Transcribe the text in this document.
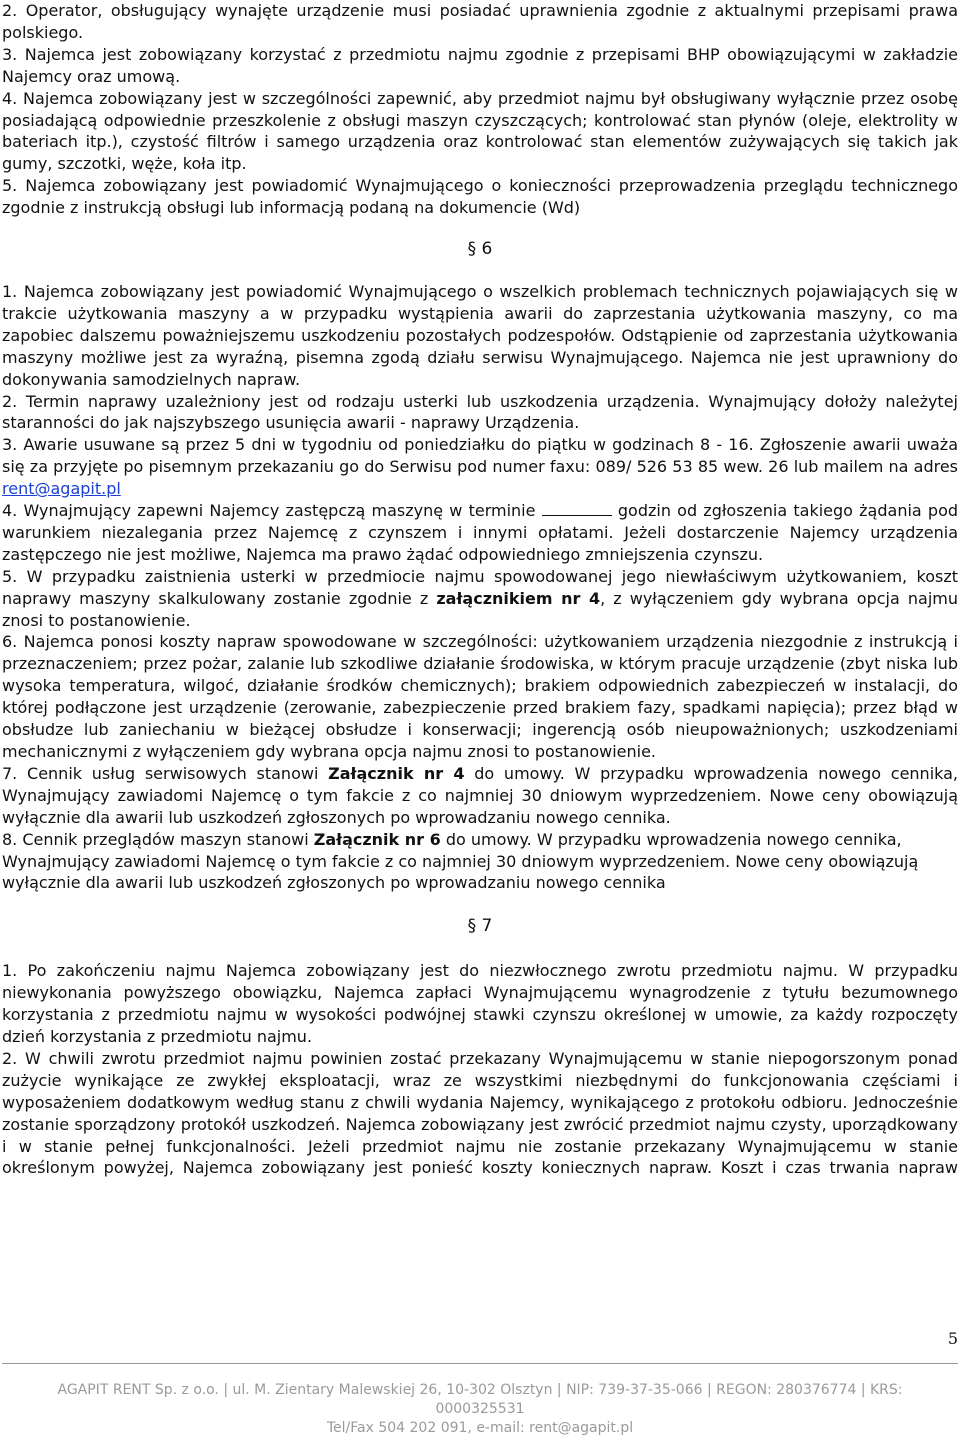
2. Operator, obsługujący wynajęte urządzenie musi posiadać uprawnienia zgodnie z aktualnymi przepisami prawa polskiego.

3. Najemca jest zobowiązany korzystać z przedmiotu najmu zgodnie z przepisami BHP obowiązującymi w zakładzie Najemcy oraz umową.

4. Najemca zobowiązany jest w szczególności zapewnić, aby przedmiot najmu był obsługiwany wyłącznie przez osobę posiadającą odpowiednie przeszkolenie z obsługi maszyn czyszczących; kontrolować stan płynów (oleje, elektrolity w bateriach itp.), czystość filtrów i samego urządzenia oraz kontrolować stan elementów zużywających się takich jak gumy, szczotki, węże, koła itp.

5. Najemca zobowiązany jest powiadomić Wynajmującego o konieczności przeprowadzenia przeglądu technicznego zgodnie z instrukcją obsługi lub informacją podaną na dokumencie (Wd)

§ 6

1. Najemca zobowiązany jest powiadomić Wynajmującego o wszelkich problemach technicznych pojawiających się w trakcie użytkowania maszyny a w przypadku wystąpienia awarii do zaprzestania użytkowania maszyny, co ma zapobiec dalszemu poważniejszemu uszkodzeniu pozostałych podzespołów. Odstąpienie od zaprzestania użytkowania maszyny możliwe jest za wyraźną, pisemna zgodą działu serwisu Wynajmującego. Najemca nie jest uprawniony do dokonywania samodzielnych napraw.

2. Termin naprawy uzależniony jest od rodzaju usterki lub uszkodzenia urządzenia. Wynajmujący dołoży należytej staranności do jak najszybszego usunięcia awarii - naprawy Urządzenia.

3. Awarie usuwane są przez 5 dni w tygodniu od poniedziałku do piątku w godzinach 8 - 16. Zgłoszenie awarii uważa się za przyjęte po pisemnym przekazaniu go do Serwisu pod numer faxu: 089/ 526 53 85 wew. 26 lub mailem na adres rent@agapit.pl

4. Wynajmujący zapewni Najemcy zastępczą maszynę w terminie	godzin od zgłoszenia takiego żądania pod warunkiem niezalegania przez Najemcę z czynszem i innymi opłatami. Jeżeli dostarczenie Najemcy urządzenia zastępczego nie jest możliwe, Najemca ma prawo żądać odpowiedniego zmniejszenia czynszu.

5. W przypadku zaistnienia usterki w przedmiocie najmu spowodowanej jego niewłaściwym użytkowaniem, koszt naprawy maszyny skalkulowany zostanie zgodnie z załącznikiem nr 4, z wyłączeniem gdy wybrana opcja najmu znosi to postanowienie.

6. Najemca ponosi koszty napraw spowodowane w szczególności: użytkowaniem urządzenia niezgodnie z instrukcją i przeznaczeniem; przez pożar, zalanie lub szkodliwe działanie środowiska, w którym pracuje urządzenie (zbyt niska lub wysoka temperatura, wilgoć, działanie środków chemicznych); brakiem odpowiednich zabezpieczeń w instalacji, do której podłączone jest urządzenie (zerowanie, zabezpieczenie przed brakiem fazy, spadkami napięcia); przez błąd w obsłudze lub zaniechaniu w bieżącej obsłudze i konserwacji; ingerencją osób nieupoważnionych; uszkodzeniami mechanicznymi z wyłączeniem gdy wybrana opcja najmu znosi to postanowienie.

7. Cennik usług serwisowych stanowi Załącznik nr 4 do umowy. W przypadku wprowadzenia nowego cennika, Wynajmujący zawiadomi Najemcę o tym fakcie z co najmniej 30 dniowym wyprzedzeniem. Nowe ceny obowiązują wyłącznie dla awarii lub uszkodzeń zgłoszonych po wprowadzaniu nowego cennika.

8. Cennik przeglądów maszyn stanowi Załącznik nr 6 do umowy. W przypadku wprowadzenia nowego cennika, Wynajmujący zawiadomi Najemcę o tym fakcie z co najmniej 30 dniowym wyprzedzeniem. Nowe ceny obowiązują wyłącznie dla awarii lub uszkodzeń zgłoszonych po wprowadzaniu nowego cennika

§ 7

1. Po zakończeniu najmu Najemca zobowiązany jest do niezwłocznego zwrotu przedmiotu najmu. W przypadku niewykonania powyższego obowiązku, Najemca zapłaci Wynajmującemu wynagrodzenie z tytułu bezumownego korzystania z przedmiotu najmu w wysokości podwójnej stawki czynszu określonej w umowie, za każdy rozpoczęty dzień korzystania z przedmiotu najmu.

2. W chwili zwrotu przedmiot najmu powinien zostać przekazany Wynajmującemu w stanie niepogorszonym ponad zużycie wynikające ze zwykłej eksploatacji, wraz ze wszystkimi niezbędnymi do funkcjonowania częściami i wyposażeniem dodatkowym według stanu z chwili wydania Najemcy, wynikającego z protokołu odbioru. Jednocześnie zostanie sporządzony protokół uszkodzeń. Najemca zobowiązany jest zwrócić przedmiot najmu czysty, uporządkowany i w stanie pełnej funkcjonalności. Jeżeli przedmiot najmu nie zostanie przekazany Wynajmującemu w stanie określonym powyżej, Najemca zobowiązany jest ponieść koszty koniecznych napraw. Koszt i czas trwania napraw

5
AGAPIT RENT Sp. z o.o. | ul. M. Zientary Malewskiej 26, 10-302 Olsztyn | NIP: 739-37-35-066 | REGON: 280376774 | KRS:
0000325531
Tel/Fax 504 202 091, e-mail: rent@agapit.pl
